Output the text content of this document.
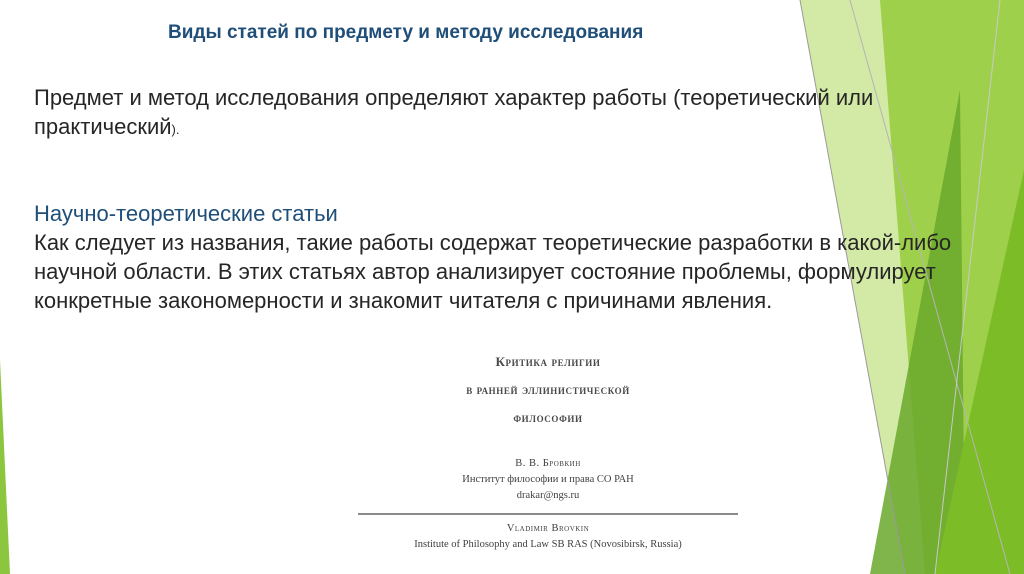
Виды статей по предмету и методу исследования
Предмет и метод исследования определяют характер работы (теоретический или практический).
Научно-теоретические статьи
Как следует из названия, такие работы содержат теоретические разработки в какой-либо научной области. В этих статьях автор анализирует состояние проблемы, формулирует конкретные закономерности и знакомит читателя с причинами явления.
Критика религии
в ранней эллинистической
философии
В. В. Бровкин
Институт философии и права СО РАН
drakar@ngs.ru
Vladimir Brovkin
Institute of Philosophy and Law SB RAS (Novosibirsk, Russia)
